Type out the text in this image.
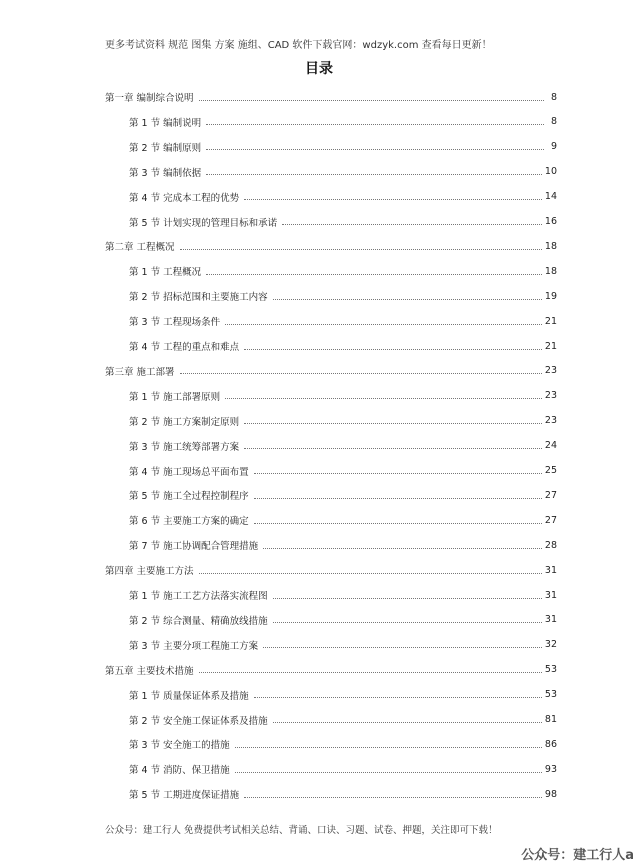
更多考试资料 规范 图集 方案 施组、CAD 软件下载官网：wdzyk.com 查看每日更新！
目录
第一章 编制综合说明	8
第 1 节 编制说明	8
第 2 节 编制原则	9
第 3 节 编制依据	10
第 4 节 完成本工程的优势	14
第 5 节 计划实现的管理目标和承诺	16
第二章 工程概况	18
第 1 节 工程概况	18
第 2 节 招标范围和主要施工内容	19
第 3 节 工程现场条件	21
第 4 节 工程的重点和难点	21
第三章 施工部署	23
第 1 节 施工部署原则	23
第 2 节 施工方案制定原则	23
第 3 节 施工统筹部署方案	24
第 4 节 施工现场总平面布置	25
第 5 节 施工全过程控制程序	27
第 6 节 主要施工方案的确定	27
第 7 节 施工协调配合管理措施	28
第四章 主要施工方法	31
第 1 节 施工工艺方法落实流程图	31
第 2 节 综合测量、精确放线措施	31
第 3 节 主要分项工程施工方案	32
第五章 主要技术措施	53
第 1 节 质量保证体系及措施	53
第 2 节 安全施工保证体系及措施	81
第 3 节 安全施工的措施	86
第 4 节 消防、保卫措施	93
第 5 节 工期进度保证措施	98
公众号：建工行人 免费提供考试相关总结、背诵、口诀、习题、试卷、押题，关注即可下载！
公众号：建工行人a
